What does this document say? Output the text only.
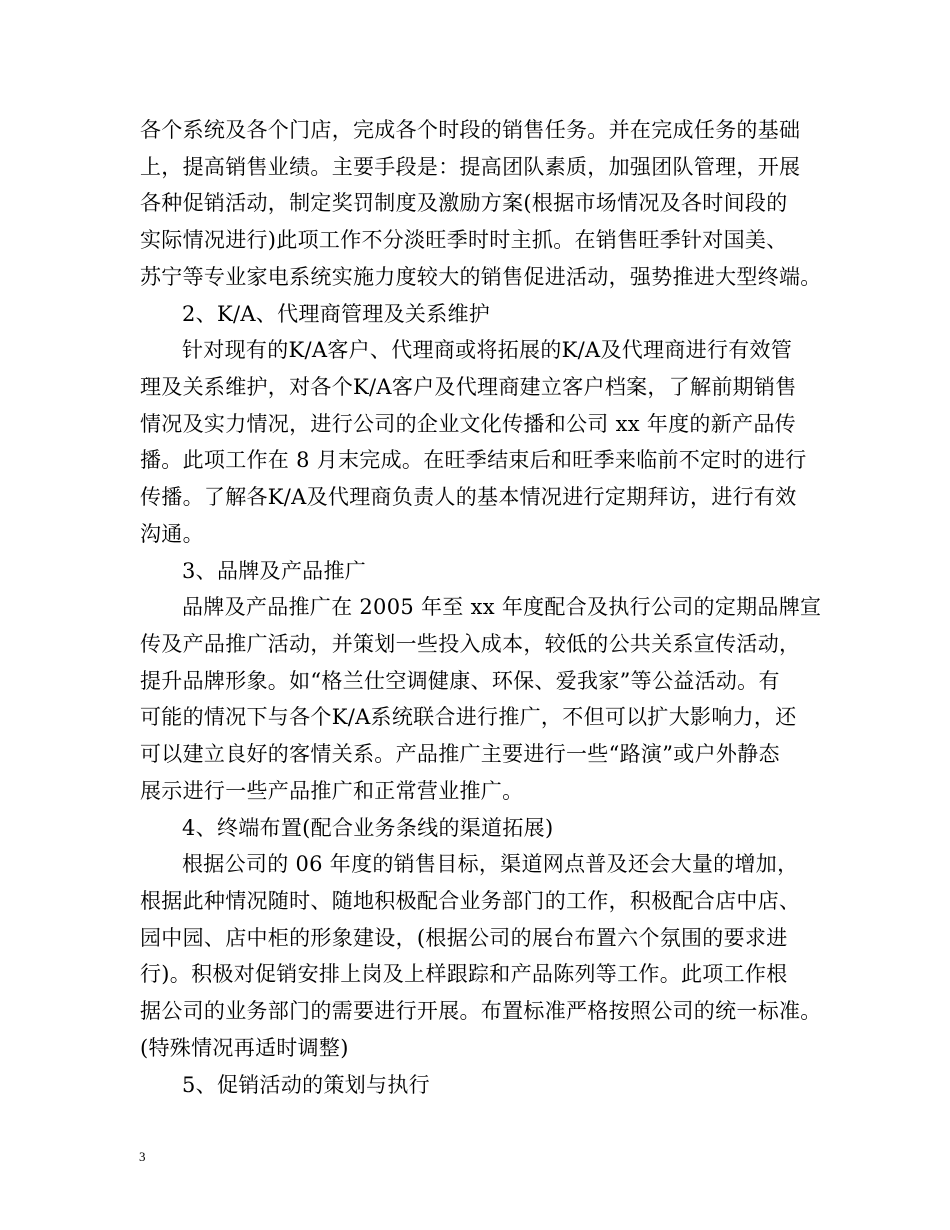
各个系统及各个门店，完成各个时段的销售任务。并在完成任务的基础
上，提高销售业绩。主要手段是：提高团队素质，加强团队管理，开展
各种促销活动，制定奖罚制度及激励方案(根据市场情况及各时间段的
实际情况进行)此项工作不分淡旺季时时主抓。在销售旺季针对国美、
苏宁等专业家电系统实施力度较大的销售促进活动，强势推进大型终端。
2、K/A、代理商管理及关系维护
针对现有的K/A客户、代理商或将拓展的K/A及代理商进行有效管
理及关系维护，对各个K/A客户及代理商建立客户档案，了解前期销售
情况及实力情况，进行公司的企业文化传播和公司 xx 年度的新产品传
播。此项工作在 8 月末完成。在旺季结束后和旺季来临前不定时的进行
传播。了解各K/A及代理商负责人的基本情况进行定期拜访，进行有效
沟通。
3、品牌及产品推广
品牌及产品推广在 2005 年至 xx 年度配合及执行公司的定期品牌宣
传及产品推广活动，并策划一些投入成本，较低的公共关系宣传活动，
提升品牌形象。如“格兰仕空调健康、环保、爱我家”等公益活动。有
可能的情况下与各个K/A系统联合进行推广，不但可以扩大影响力，还
可以建立良好的客情关系。产品推广主要进行一些“路演”或户外静态
展示进行一些产品推广和正常营业推广。
4、终端布置(配合业务条线的渠道拓展)
根据公司的 06 年度的销售目标，渠道网点普及还会大量的增加，
根据此种情况随时、随地积极配合业务部门的工作，积极配合店中店、
园中园、店中柜的形象建设，(根据公司的展台布置六个氛围的要求进
行)。积极对促销安排上岗及上样跟踪和产品陈列等工作。此项工作根
据公司的业务部门的需要进行开展。布置标准严格按照公司的统一标准。
(特殊情况再适时调整)
5、促销活动的策划与执行
3
